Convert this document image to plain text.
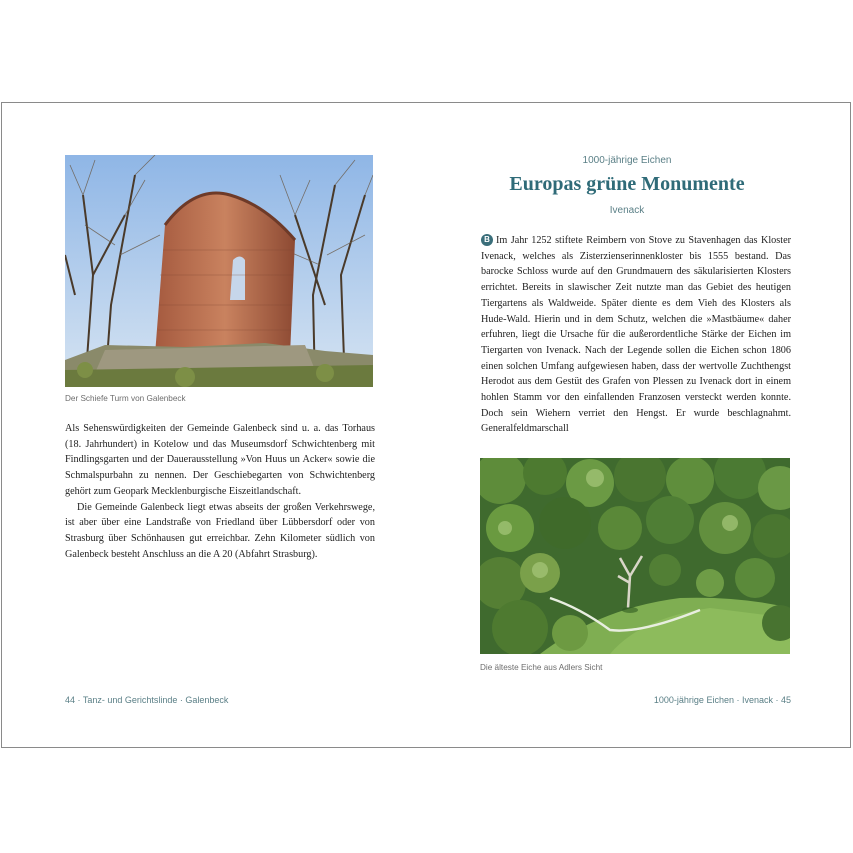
Der Schiefe Turm von Galenbeck

Als Sehenswürdigkeiten der Gemeinde Galenbeck sind u. a. das Torhaus (18. Jahrhundert) in Kotelow und das Museumsdorf Schwichtenberg mit Findlingsgarten und der Dauerausstellung »Von Huus un Acker« sowie die Schmalspurbahn zu nennen. Der Geschiebegarten von Schwichtenberg gehört zum Geopark Mecklenburgische Eiszeitlandschaft.

Die Gemeinde Galenbeck liegt etwas abseits der großen Verkehrswege, ist aber über eine Landstraße von Friedland über Lübbersdorf oder von Strasburg über Schönhausen gut erreichbar. Zehn Kilometer südlich von Galenbeck besteht Anschluss an die A 20 (Abfahrt Strasburg).

44 · Tanz- und Gerichtslinde · Galenbeck
1000-jährige Eichen
Europas grüne Monumente
Ivenack

B Im Jahr 1252 stiftete Reimbern von Stove zu Stavenhagen das Kloster Ivenack, welches als Zisterzienserinnenkloster bis 1555 bestand. Das barocke Schloss wurde auf den Grundmauern des säkularisierten Klosters errichtet. Bereits in slawischer Zeit nutzte man das Gebiet des heutigen Tiergartens als Waldweide. Später diente es dem Vieh des Klosters als Hude-Wald. Hierin und in dem Schutz, welchen die »Mastbäume« daher erfuhren, liegt die Ursache für die außerordentliche Stärke der Eichen im Tiergarten von Ivenack. Nach der Legende sollen die Eichen schon 1806 einen solchen Umfang aufgewiesen haben, dass der wertvolle Zuchthengst Herodot aus dem Gestüt des Grafen von Plessen zu Ivenack dort in einem hohlen Stamm vor den einfallenden Franzosen versteckt werden konnte. Doch sein Wiehern verriet den Hengst. Er wurde beschlagnahmt. Generalfeldmarschall

Die älteste Eiche aus Adlers Sicht
1000-jährige Eichen · Ivenack · 45
